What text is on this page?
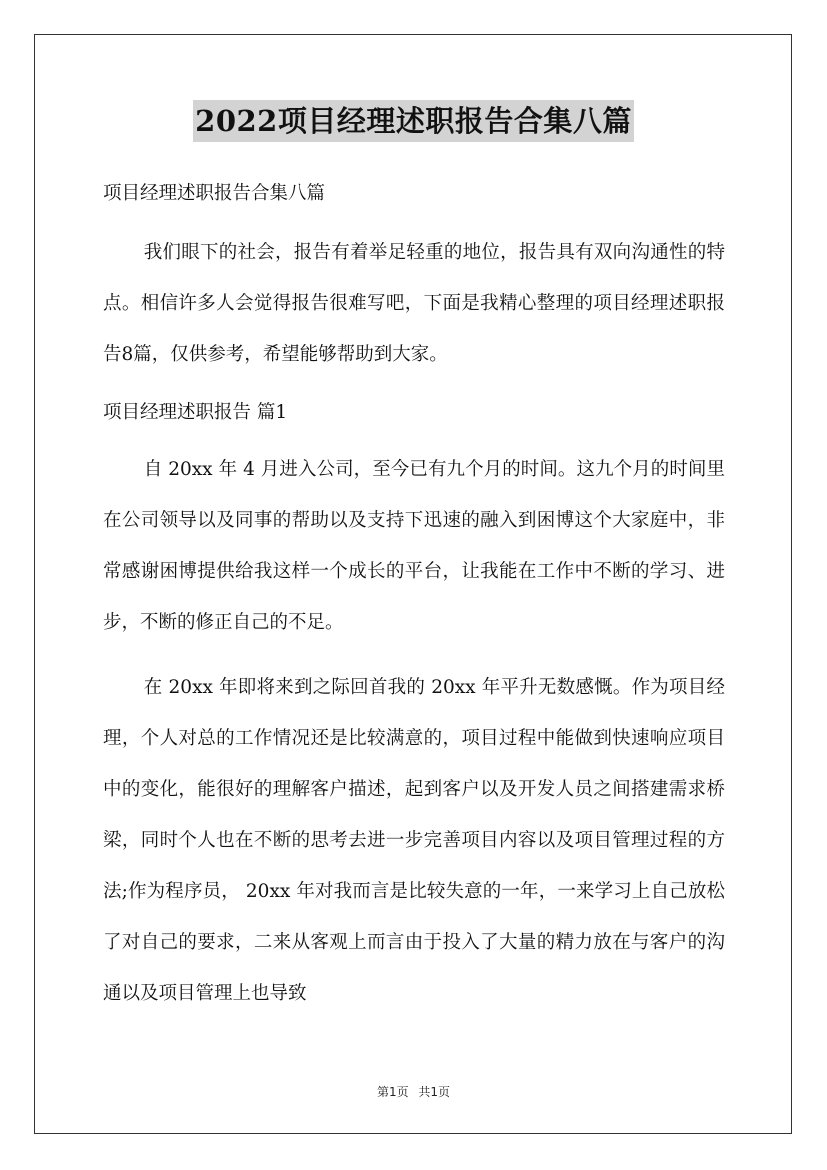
2022项目经理述职报告合集八篇

项目经理述职报告合集八篇

我们眼下的社会，报告有着举足轻重的地位，报告具有双向沟通性的特点。相信许多人会觉得报告很难写吧，下面是我精心整理的项目经理述职报告8篇，仅供参考，希望能够帮助到大家。

项目经理述职报告 篇1

自 20xx 年 4 月进入公司，至今已有九个月的时间。这九个月的时间里在公司领导以及同事的帮助以及支持下迅速的融入到困博这个大家庭中，非常感谢困博提供给我这样一个成长的平台，让我能在工作中不断的学习、进步，不断的修正自己的不足。

在 20xx 年即将来到之际回首我的 20xx 年平升无数感慨。作为项目经理，个人对总的工作情况还是比较满意的，项目过程中能做到快速响应项目中的变化，能很好的理解客户描述，起到客户以及开发人员之间搭建需求桥梁，同时个人也在不断的思考去进一步完善项目内容以及项目管理过程的方法;作为程序员， 20xx 年对我而言是比较失意的一年，一来学习上自己放松了对自己的要求，二来从客观上而言由于投入了大量的精力放在与客户的沟通以及项目管理上也导致

第1页 共1页
